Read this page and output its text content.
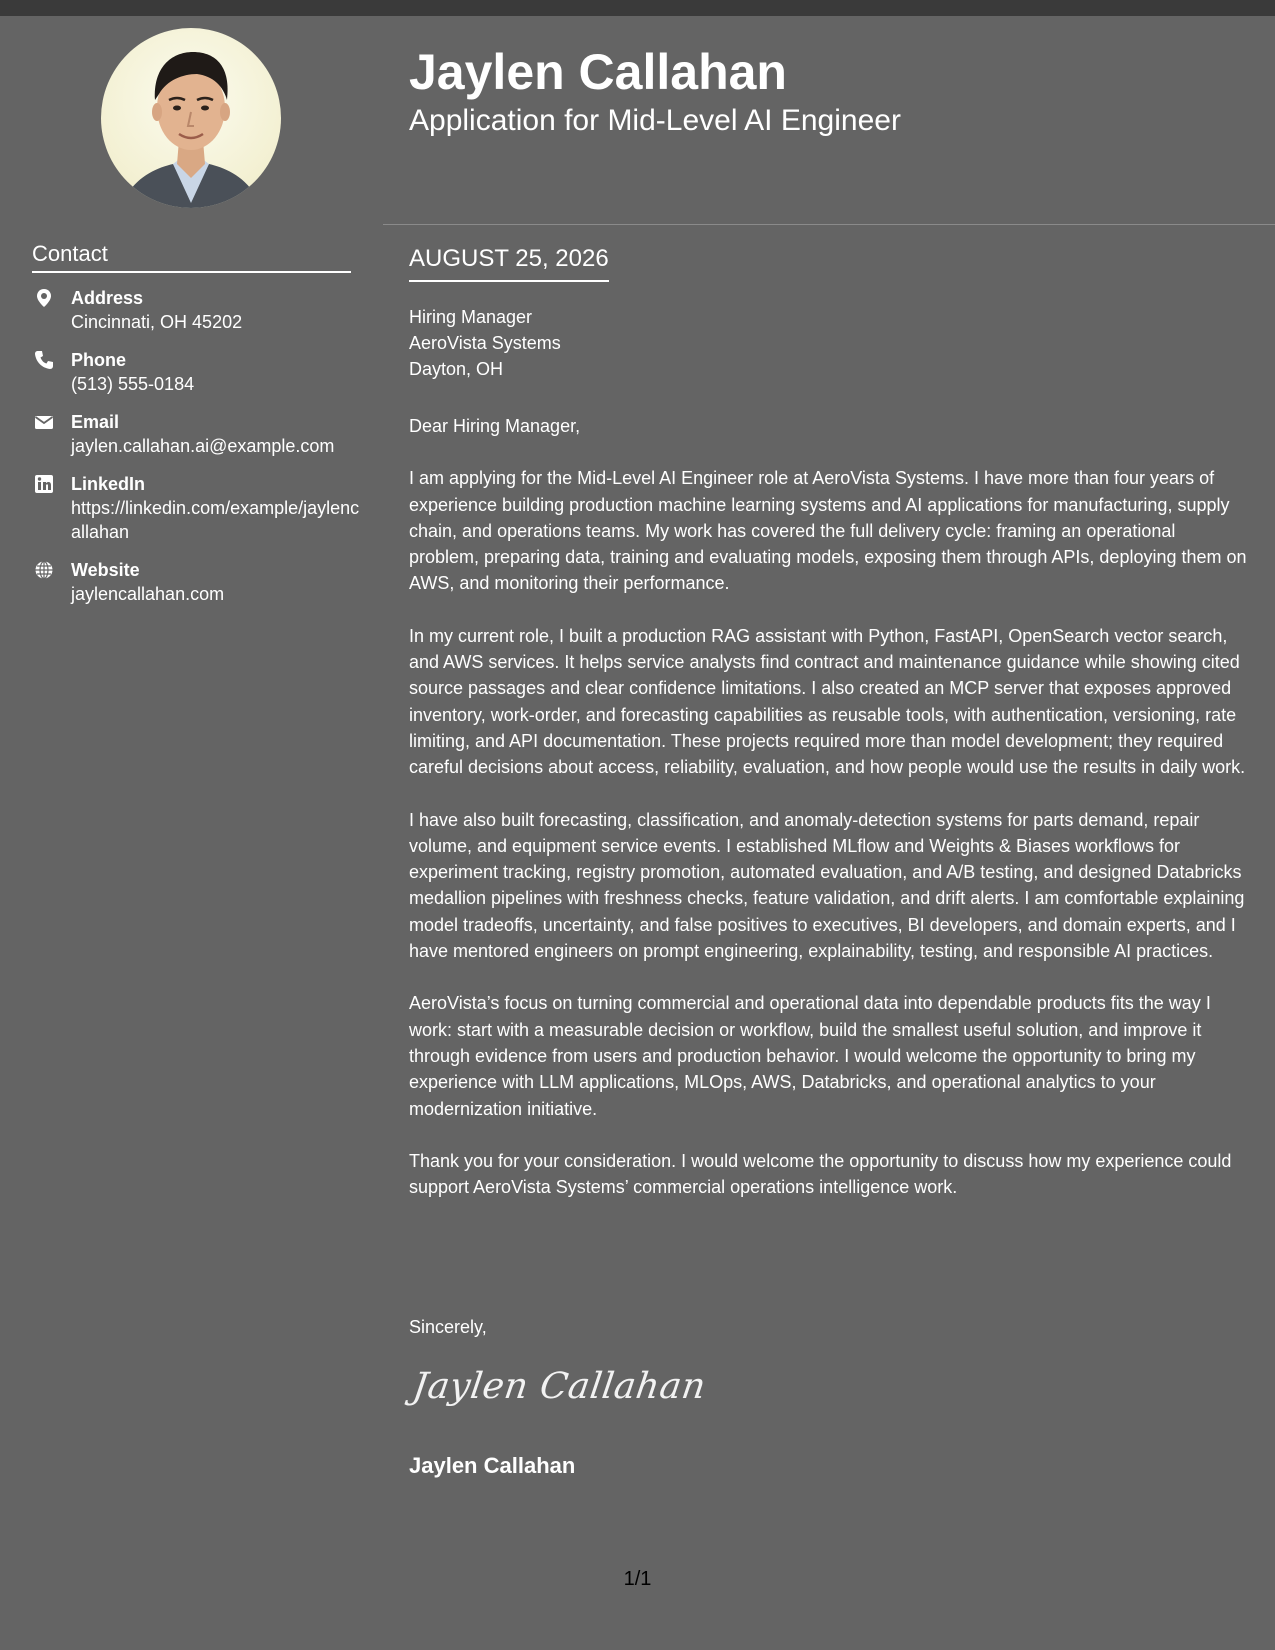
Contact
Address
Cincinnati, OH 45202
Phone
(513) 555-0184
Email
jaylen.callahan.ai@example.com
LinkedIn
https://linkedin.com/example/jaylencallahan
Website
jaylencallahan.com
Jaylen Callahan
Application for Mid-Level AI Engineer
AUGUST 25, 2026
Hiring Manager
AeroVista Systems
Dayton, OH

Dear Hiring Manager,

I am applying for the Mid-Level AI Engineer role at AeroVista Systems. I have more than four years of experience building production machine learning systems and AI applications for manufacturing, supply chain, and operations teams. My work has covered the full delivery cycle: framing an operational problem, preparing data, training and evaluating models, exposing them through APIs, deploying them on AWS, and monitoring their performance.

In my current role, I built a production RAG assistant with Python, FastAPI, OpenSearch vector search, and AWS services. It helps service analysts find contract and maintenance guidance while showing cited source passages and clear confidence limitations. I also created an MCP server that exposes approved inventory, work-order, and forecasting capabilities as reusable tools, with authentication, versioning, rate limiting, and API documentation. These projects required more than model development; they required careful decisions about access, reliability, evaluation, and how people would use the results in daily work.

I have also built forecasting, classification, and anomaly-detection systems for parts demand, repair volume, and equipment service events. I established MLflow and Weights & Biases workflows for experiment tracking, registry promotion, automated evaluation, and A/B testing, and designed Databricks medallion pipelines with freshness checks, feature validation, and drift alerts. I am comfortable explaining model tradeoffs, uncertainty, and false positives to executives, BI developers, and domain experts, and I have mentored engineers on prompt engineering, explainability, testing, and responsible AI practices.

AeroVista’s focus on turning commercial and operational data into dependable products fits the way I work: start with a measurable decision or workflow, build the smallest useful solution, and improve it through evidence from users and production behavior. I would welcome the opportunity to bring my experience with LLM applications, MLOps, AWS, Databricks, and operational analytics to your modernization initiative.

Thank you for your consideration. I would welcome the opportunity to discuss how my experience could support AeroVista Systems’ commercial operations intelligence work.

Sincerely,
Jaylen Callahan
Jaylen Callahan
1/1
